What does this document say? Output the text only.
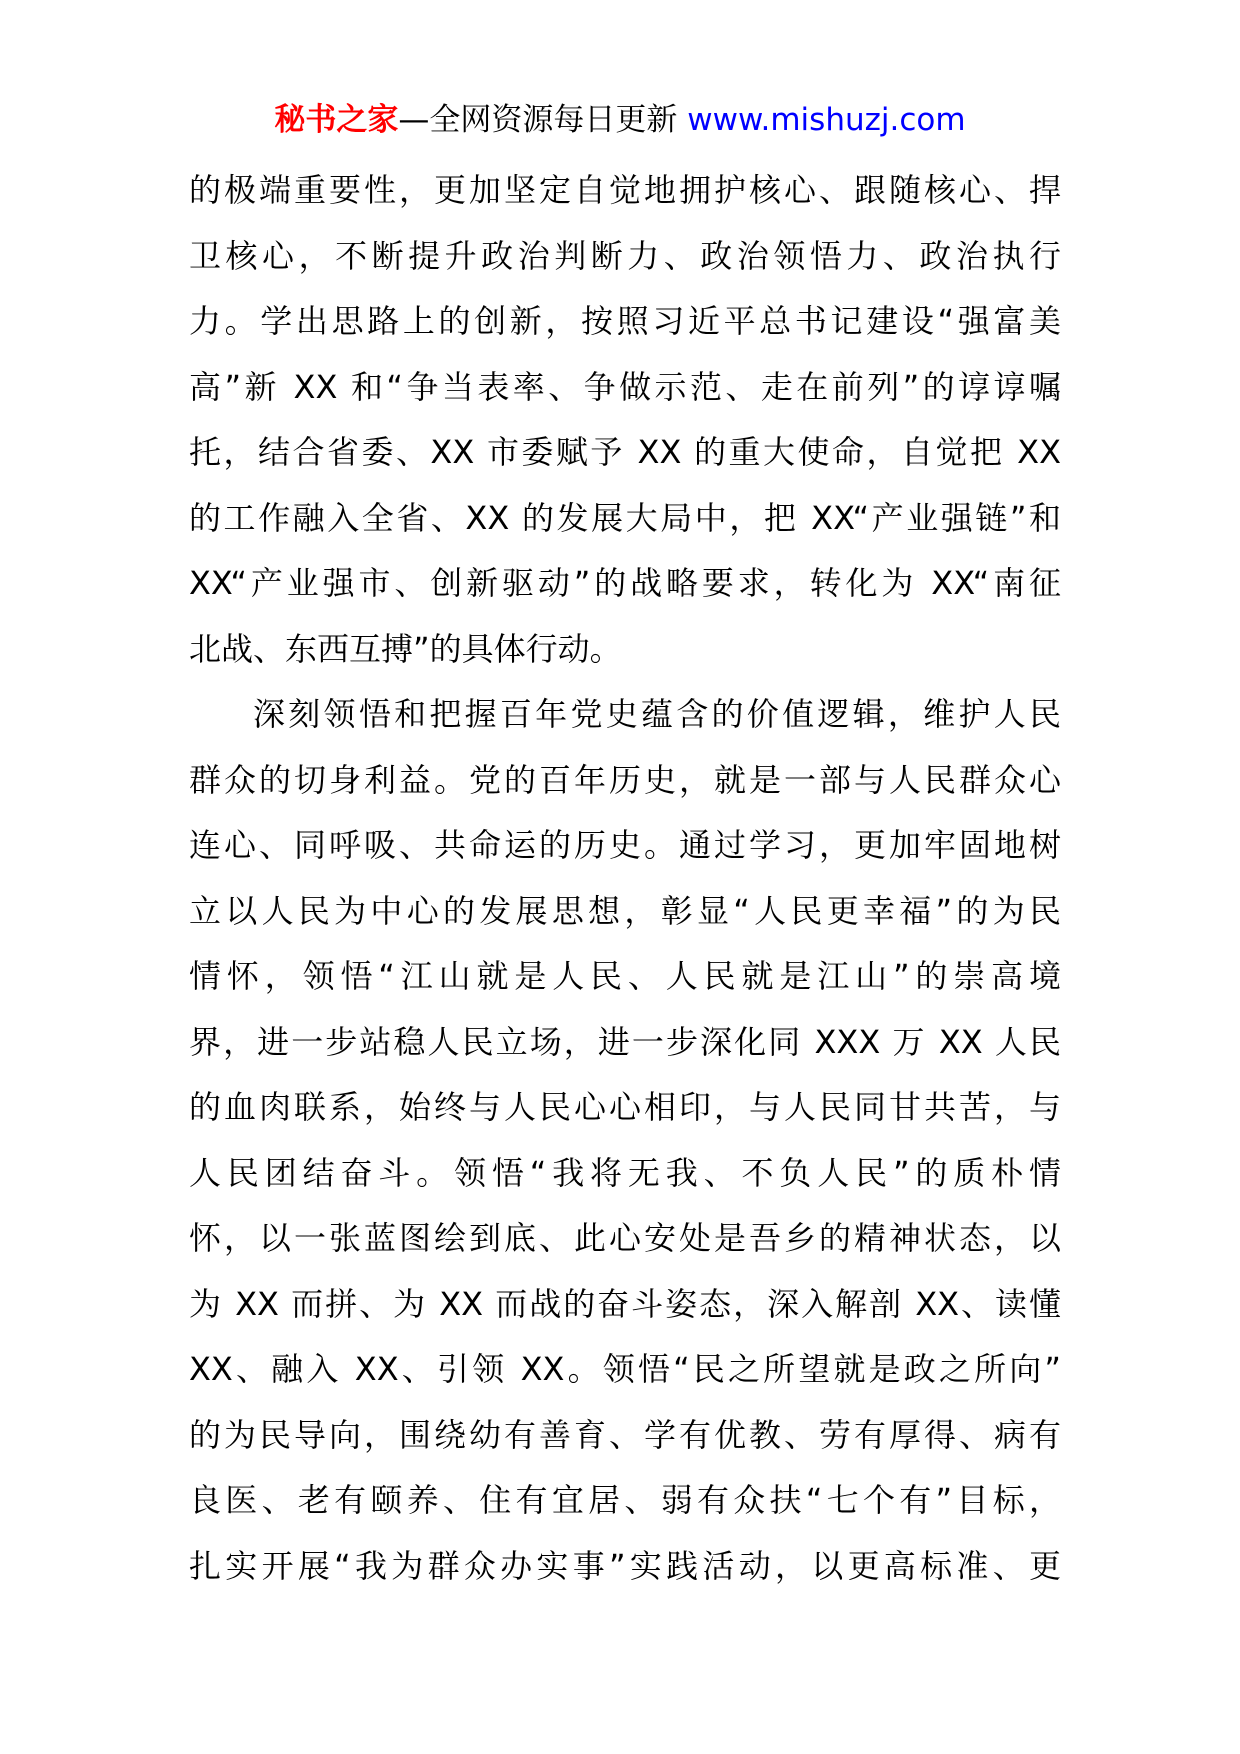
秘书之家—全网资源每日更新 www.mishuzj.com
的极端重要性，更加坚定自觉地拥护核心、跟随核心、捍
卫核心，不断提升政治判断力、政治领悟力、政治执行
力。学出思路上的创新，按照习近平总书记建设“强富美
高”新 XX 和“争当表率、争做示范、走在前列”的谆谆嘱
托，结合省委、XX 市委赋予 XX 的重大使命，自觉把 XX
的工作融入全省、XX 的发展大局中，把 XX“产业强链”和
XX“产业强市、创新驱动”的战略要求，转化为 XX“南征
北战、东西互搏”的具体行动。
深刻领悟和把握百年党史蕴含的价值逻辑，维护人民
群众的切身利益。党的百年历史，就是一部与人民群众心
连心、同呼吸、共命运的历史。通过学习，更加牢固地树
立以人民为中心的发展思想，彰显“人民更幸福”的为民
情怀，领悟“江山就是人民、人民就是江山”的崇高境
界，进一步站稳人民立场，进一步深化同 XXX 万 XX 人民
的血肉联系，始终与人民心心相印，与人民同甘共苦，与
人民团结奋斗。领悟“我将无我、不负人民”的质朴情
怀，以一张蓝图绘到底、此心安处是吾乡的精神状态，以
为 XX 而拼、为 XX 而战的奋斗姿态，深入解剖 XX、读懂
XX、融入 XX、引领 XX。领悟“民之所望就是政之所向”
的为民导向，围绕幼有善育、学有优教、劳有厚得、病有
良医、老有颐养、住有宜居、弱有众扶“七个有”目标，
扎实开展“我为群众办实事”实践活动，以更高标准、更
